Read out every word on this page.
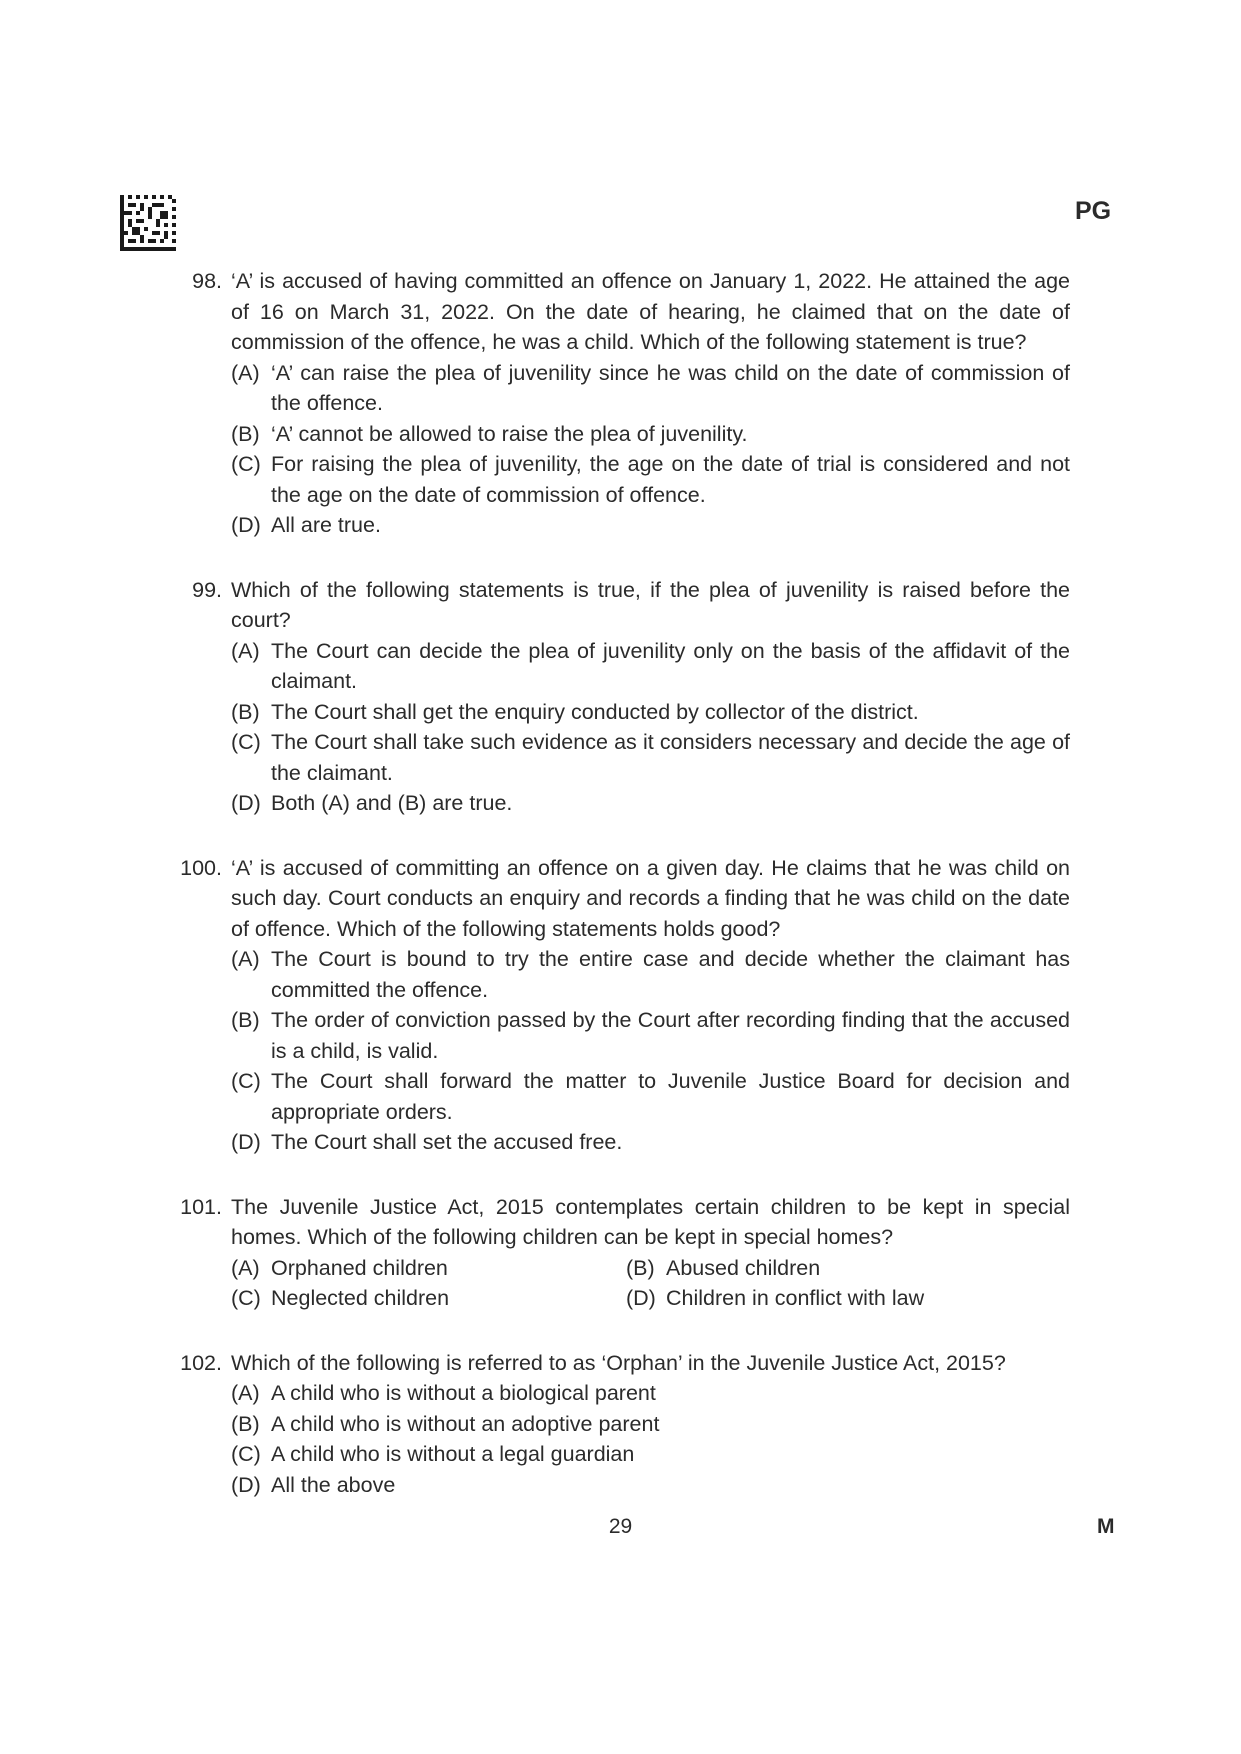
PG
98. ‘A’ is accused of having committed an offence on January 1, 2022. He attained the age of 16 on March 31, 2022. On the date of hearing, he claimed that on the date of commission of the offence, he was a child. Which of the following statement is true?
(A) ‘A’ can raise the plea of juvenility since he was child on the date of commission of the offence.
(B) ‘A’ cannot be allowed to raise the plea of juvenility.
(C) For raising the plea of juvenility, the age on the date of trial is considered and not the age on the date of commission of offence.
(D) All are true.
99. Which of the following statements is true, if the plea of juvenility is raised before the court?
(A) The Court can decide the plea of juvenility only on the basis of the affidavit of the claimant.
(B) The Court shall get the enquiry conducted by collector of the district.
(C) The Court shall take such evidence as it considers necessary and decide the age of the claimant.
(D) Both (A) and (B) are true.
100. ‘A’ is accused of committing an offence on a given day. He claims that he was child on such day. Court conducts an enquiry and records a finding that he was child on the date of offence. Which of the following statements holds good?
(A) The Court is bound to try the entire case and decide whether the claimant has committed the offence.
(B) The order of conviction passed by the Court after recording finding that the accused is a child, is valid.
(C) The Court shall forward the matter to Juvenile Justice Board for decision and appropriate orders.
(D) The Court shall set the accused free.
101. The Juvenile Justice Act, 2015 contemplates certain children to be kept in special homes. Which of the following children can be kept in special homes?
(A) Orphaned children	(B) Abused children
(C) Neglected children	(D) Children in conflict with law
102. Which of the following is referred to as ‘Orphan’ in the Juvenile Justice Act, 2015?
(A) A child who is without a biological parent
(B) A child who is without an adoptive parent
(C) A child who is without a legal guardian
(D) All the above
29	M
